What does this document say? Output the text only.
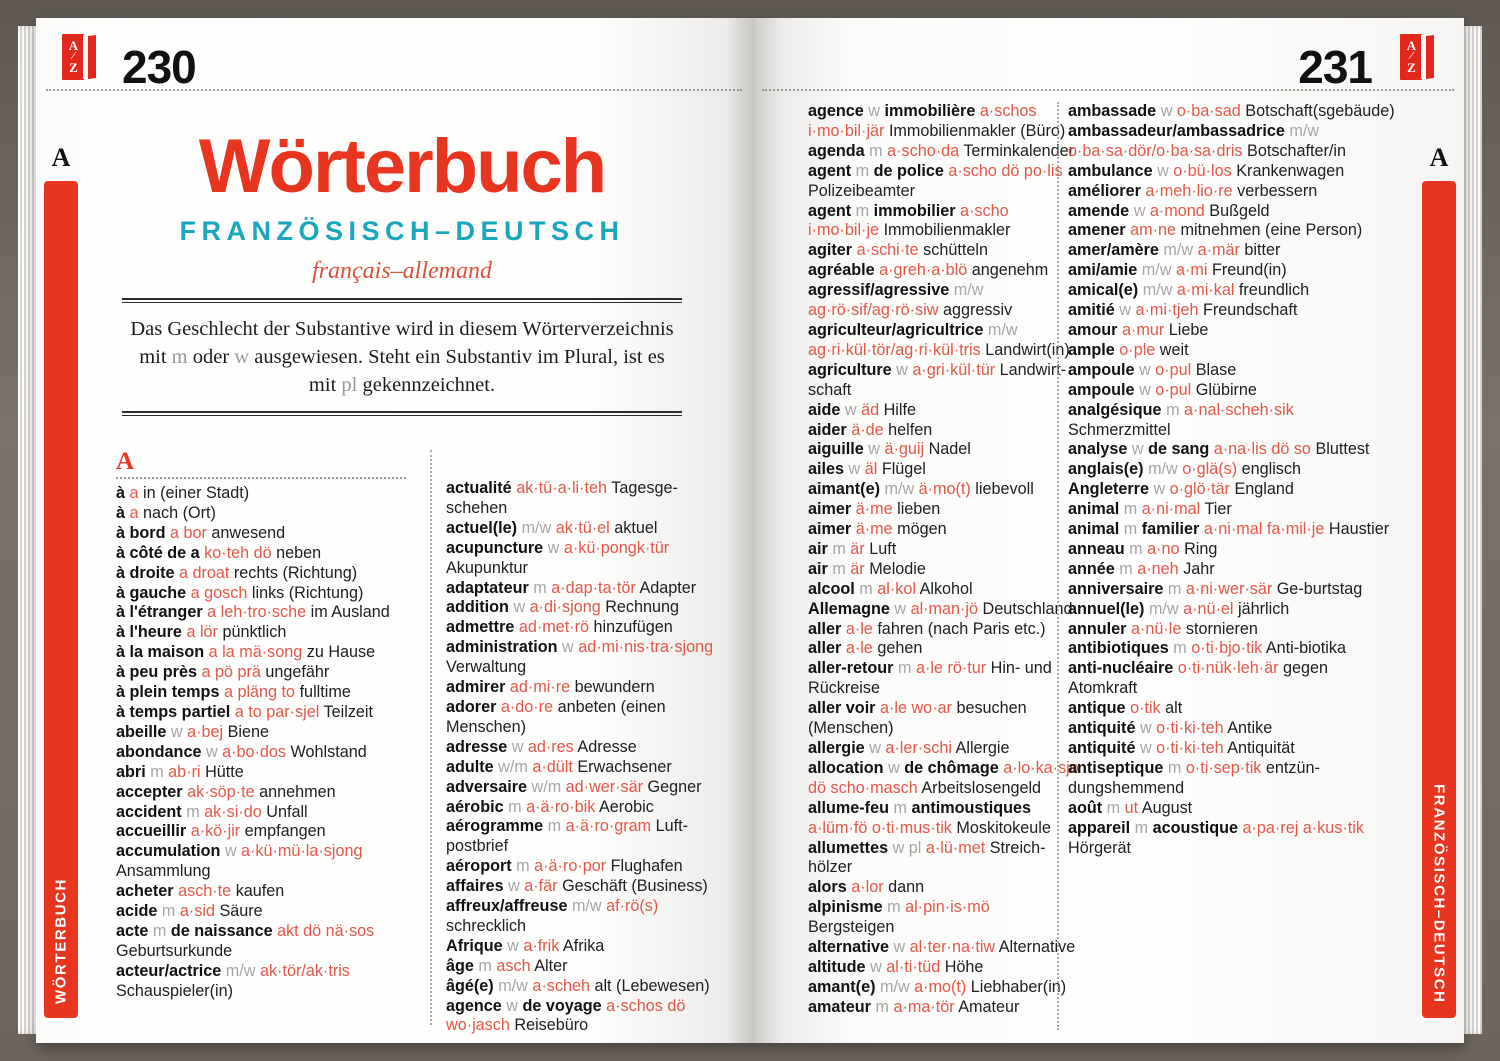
A
∕
Z 230
A
WÖRTERBUCH
Wörterbuch
FRANZÖSISCH–DEUTSCH
français–allemand
Das Geschlecht der Substantive wird in diesem Wörterverzeichnis mit m oder w ausgewiesen. Steht ein Substantiv im Plural, ist es mit pl gekennzeichnet.
A

à a in (einer Stadt)

à a nach (Ort)

à bord a bor anwesend

à côté de a ko·teh dö neben

à droite a droat rechts (Richtung)

à gauche a gosch links (Richtung)

à l'étranger a leh·tro·sche im Ausland

à l'heure a lör pünktlich

à la maison a la mä·song zu Hause

à peu près a pö prä ungefähr

à plein temps a pläng to fulltime

à temps partiel a to par·sjel Teilzeit

abeille w a·bej Biene

abondance w a·bo·dos Wohlstand

abri m ab·ri Hütte

accepter ak·söp·te annehmen

accident m ak·si·do Unfall

accueillir a·kö·jir empfangen

accumulation w a·kü·mü·la·sjong Ansammlung

acheter asch·te kaufen

acide m a·sid Säure

acte m de naissance akt dö nä·sos Geburtsurkunde

acteur/actrice m/w ak·tör/ak·tris Schauspieler(in)

actualité ak·tü·a·li·teh Tagesge-schehen

actuel(le) m/w ak·tü·el aktuel

acupuncture w a·kü·pongk·tür Akupunktur

adaptateur m a·dap·ta·tör Adapter

addition w a·di·sjong Rechnung

admettre ad·met·rö hinzufügen

administration w ad·mi·nis·tra·sjong Verwaltung

admirer ad·mi·re bewundern

adorer a·do·re anbeten (einen Menschen)

adresse w ad·res Adresse

adulte w/m a·dült Erwachsener

adversaire w/m ad·wer·sär Gegner

aérobic m a·ä·ro·bik Aerobic

aérogramme m a·ä·ro·gram Luft-postbrief

aéroport m a·ä·ro·por Flughafen

affaires w a·fär Geschäft (Business)

affreux/affreuse m/w af·rö(s) schrecklich

Afrique w a·frik Afrika

âge m asch Alter

âgé(e) m/w a·scheh alt (Lebewesen)

agence w de voyage a·schos dö wo·jasch Reisebüro

231	A
∕
Z
A
FRANZÖSISCH–DEUTSCH

agence w immobilière a·schos i·mo·bil·jär Immobilienmakler (Büro)

agenda m a·scho·da Terminkalender

agent m de police a·scho dö po·lis Polizeibeamter

agent m immobilier a·scho i·mo·bil·je Immobilienmakler

agiter a·schi·te schütteln

agréable a·greh·a·blö angenehm

agressif/agressive m/w ag·rö·sif/ag·rö·siw aggressiv

agriculteur/agricultrice m/w ag·ri·kül·tör/ag·ri·kül·tris Landwirt(in)

agriculture w a·gri·kül·tür Landwirt-schaft

aide w äd Hilfe

aider ä·de helfen

aiguille w ä·guij Nadel

ailes w äl Flügel

aimant(e) m/w ä·mo(t) liebevoll

aimer ä·me lieben

aimer ä·me mögen

air m är Luft

air m är Melodie

alcool m al·kol Alkohol

Allemagne w al·man·jö Deutschland

aller a·le fahren (nach Paris etc.)

aller a·le gehen

aller-retour m a·le rö·tur Hin- und Rückreise

aller voir a·le wo·ar besuchen (Menschen)

allergie w a·ler·schi Allergie

allocation w de chômage a·lo·ka·sjo dö scho·masch Arbeitslosengeld

allume-feu m antimoustiques a·lüm·fö o·ti·mus·tik Moskitokeule

allumettes w pl a·lü·met Streich-hölzer

alors a·lor dann

alpinisme m al·pin·is·mö Bergsteigen

alternative w al·ter·na·tiw Alternative

altitude w al·ti·tüd Höhe

amant(e) m/w a·mo(t) Liebhaber(in)

amateur m a·ma·tör Amateur

ambassade w o·ba·sad Botschaft(sgebäude)

ambassadeur/ambassadrice m/w o·ba·sa·dör/o·ba·sa·dris Botschafter/in

ambulance w o·bü·los Krankenwagen

améliorer a·meh·lio·re verbessern

amende w a·mond Bußgeld

amener am·ne mitnehmen (eine Person)

amer/amère m/w a·mär bitter

ami/amie m/w a·mi Freund(in)

amical(e) m/w a·mi·kal freundlich

amitié w a·mi·tjeh Freundschaft

amour a·mur Liebe

ample o·ple weit

ampoule w o·pul Blase

ampoule w o·pul Glübirne

analgésique m a·nal·scheh·sik Schmerzmittel

analyse w de sang a·na·lis dö so Bluttest

anglais(e) m/w o·glä(s) englisch

Angleterre w o·glö·tär England

animal m a·ni·mal Tier

animal m familier a·ni·mal fa·mil·je Haustier

anneau m a·no Ring

année m a·neh Jahr

anniversaire m a·ni·wer·sär Ge-burtstag

annuel(le) m/w a·nü·el jährlich

annuler a·nü·le stornieren

antibiotiques m o·ti·bjo·tik Anti-biotika

anti-nucléaire o·ti·nük·leh·är gegen Atomkraft

antique o·tik alt

antiquité w o·ti·ki·teh Antike

antiquité w o·ti·ki·teh Antiquität

antiseptique m o·ti·sep·tik entzün-dungshemmend

août m ut August

appareil m acoustique a·pa·rej a·kus·tik Hörgerät
